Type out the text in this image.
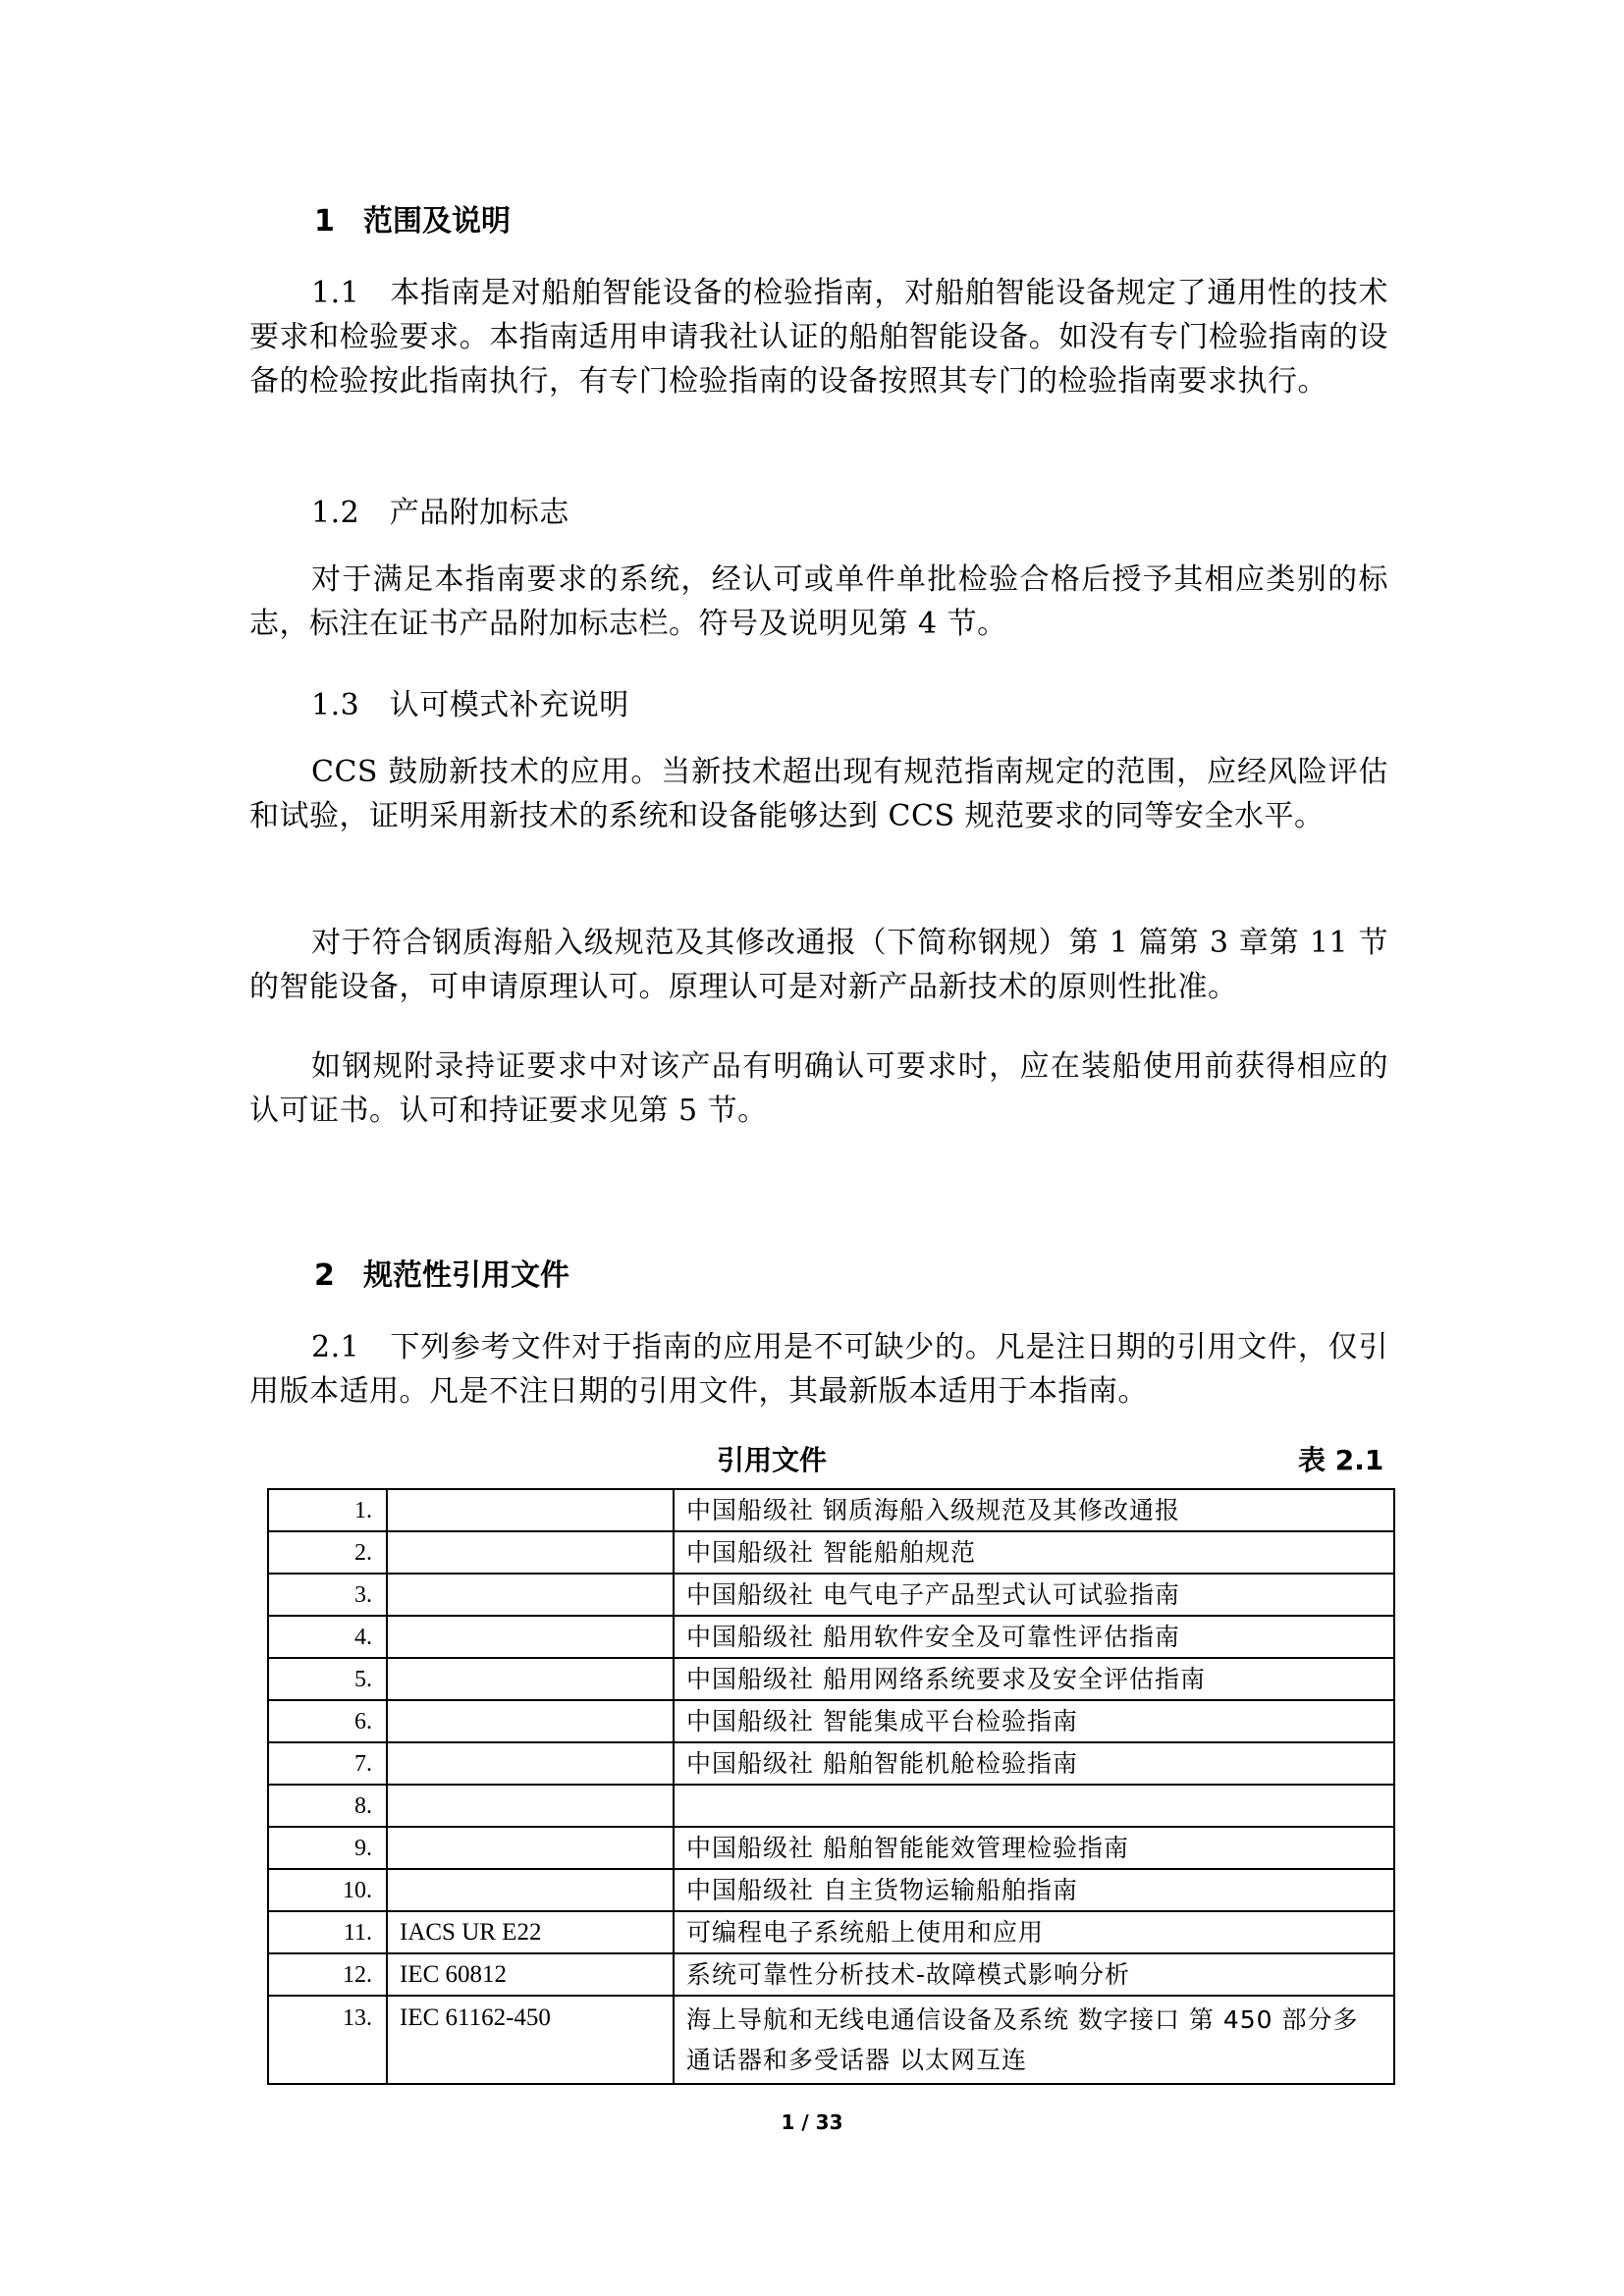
1 范围及说明
1.1　本指南是对船舶智能设备的检验指南，对船舶智能设备规定了通用性的技术要求和检验要求。本指南适用申请我社认证的船舶智能设备。如没有专门检验指南的设备的检验按此指南执行，有专门检验指南的设备按照其专门的检验指南要求执行。
1.2　产品附加标志
对于满足本指南要求的系统，经认可或单件单批检验合格后授予其相应类别的标志，标注在证书产品附加标志栏。符号及说明见第 4 节。
1.3　认可模式补充说明
CCS 鼓励新技术的应用。当新技术超出现有规范指南规定的范围，应经风险评估和试验，证明采用新技术的系统和设备能够达到 CCS 规范要求的同等安全水平。
对于符合钢质海船入级规范及其修改通报（下简称钢规）第 1 篇第 3 章第 11 节的智能设备，可申请原理认可。原理认可是对新产品新技术的原则性批准。
如钢规附录持证要求中对该产品有明确认可要求时，应在装船使用前获得相应的认可证书。认可和持证要求见第 5 节。
2 规范性引用文件
2.1　下列参考文件对于指南的应用是不可缺少的。凡是注日期的引用文件，仅引用版本适用。凡是不注日期的引用文件，其最新版本适用于本指南。
引用文件	表 2.1
1.		中国船级社 钢质海船入级规范及其修改通报
2.		中国船级社 智能船舶规范
3.		中国船级社 电气电子产品型式认可试验指南
4.		中国船级社 船用软件安全及可靠性评估指南
5.		中国船级社 船用网络系统要求及安全评估指南
6.		中国船级社 智能集成平台检验指南
7.		中国船级社 船舶智能机舱检验指南
8.		
9.		中国船级社 船舶智能能效管理检验指南
10.		中国船级社 自主货物运输船舶指南
11.	IACS UR E22	可编程电子系统船上使用和应用
12.	IEC 60812	系统可靠性分析技术-故障模式影响分析
13.	IEC 61162-450	海上导航和无线电通信设备及系统 数字接口 第 450 部分多通话器和多受话器 以太网互连
1 / 33
